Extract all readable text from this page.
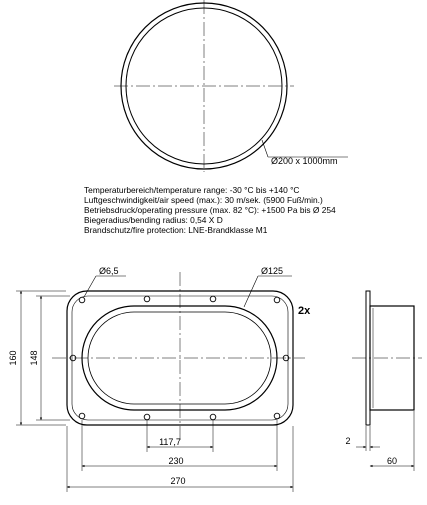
Ø200 x 1000mm
Ø6,5	Ø125
2x
160 148
117,7
230
270
2
60
Temperaturbereich/temperature range: -30 °C bis +140 °C
Luftgeschwindigkeit/air speed (max.): 30 m/sek. (5900 Fuß/min.)
Betriebsdruck/operating pressure (max. 82 °C): +1500 Pa bis Ø 254
Biegeradius/bending radius: 0,54 X D
Brandschutz/fire protection: LNE-Brandklasse M1
